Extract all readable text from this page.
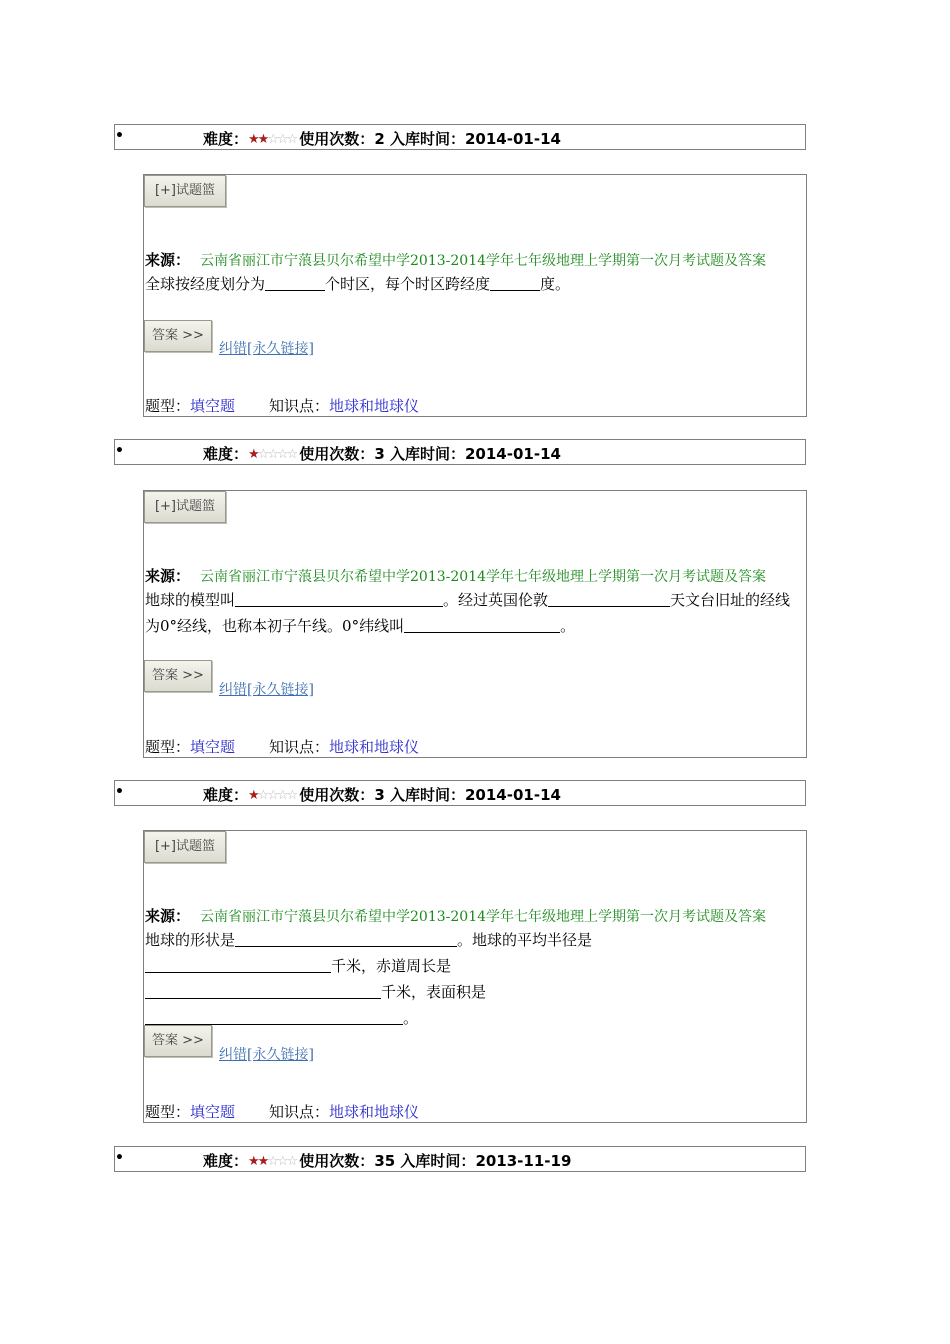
•	难度：★★☆☆☆ 使用次数：2 入库时间：2014-01-14
[+]试题篮
来源： 云南省丽江市宁蒗县贝尔希望中学2013-2014学年七年级地理上学期第一次月考试题及答案
全球按经度划分为	个时区，每个时区跨经度	度。
答案 >>
纠错[永久链接]
题型：填空题 知识点：地球和地球仪
•	难度：★☆☆☆☆ 使用次数：3 入库时间：2014-01-14
[+]试题篮
来源： 云南省丽江市宁蒗县贝尔希望中学2013-2014学年七年级地理上学期第一次月考试题及答案
地球的模型叫	。经过英国伦敦	天文台旧址的经线为0°经线，也称本初子午线。0°纬线叫	。
答案 >>
纠错[永久链接]
题型：填空题 知识点：地球和地球仪
•	难度：★☆☆☆☆ 使用次数：3 入库时间：2014-01-14
[+]试题篮
来源： 云南省丽江市宁蒗县贝尔希望中学2013-2014学年七年级地理上学期第一次月考试题及答案
地球的形状是	。地球的平均半径是千米，赤道周长是千米，表面积是。
答案 >>
纠错[永久链接]
题型：填空题 知识点：地球和地球仪
•	难度：★★☆☆☆ 使用次数：35 入库时间：2013-11-19
